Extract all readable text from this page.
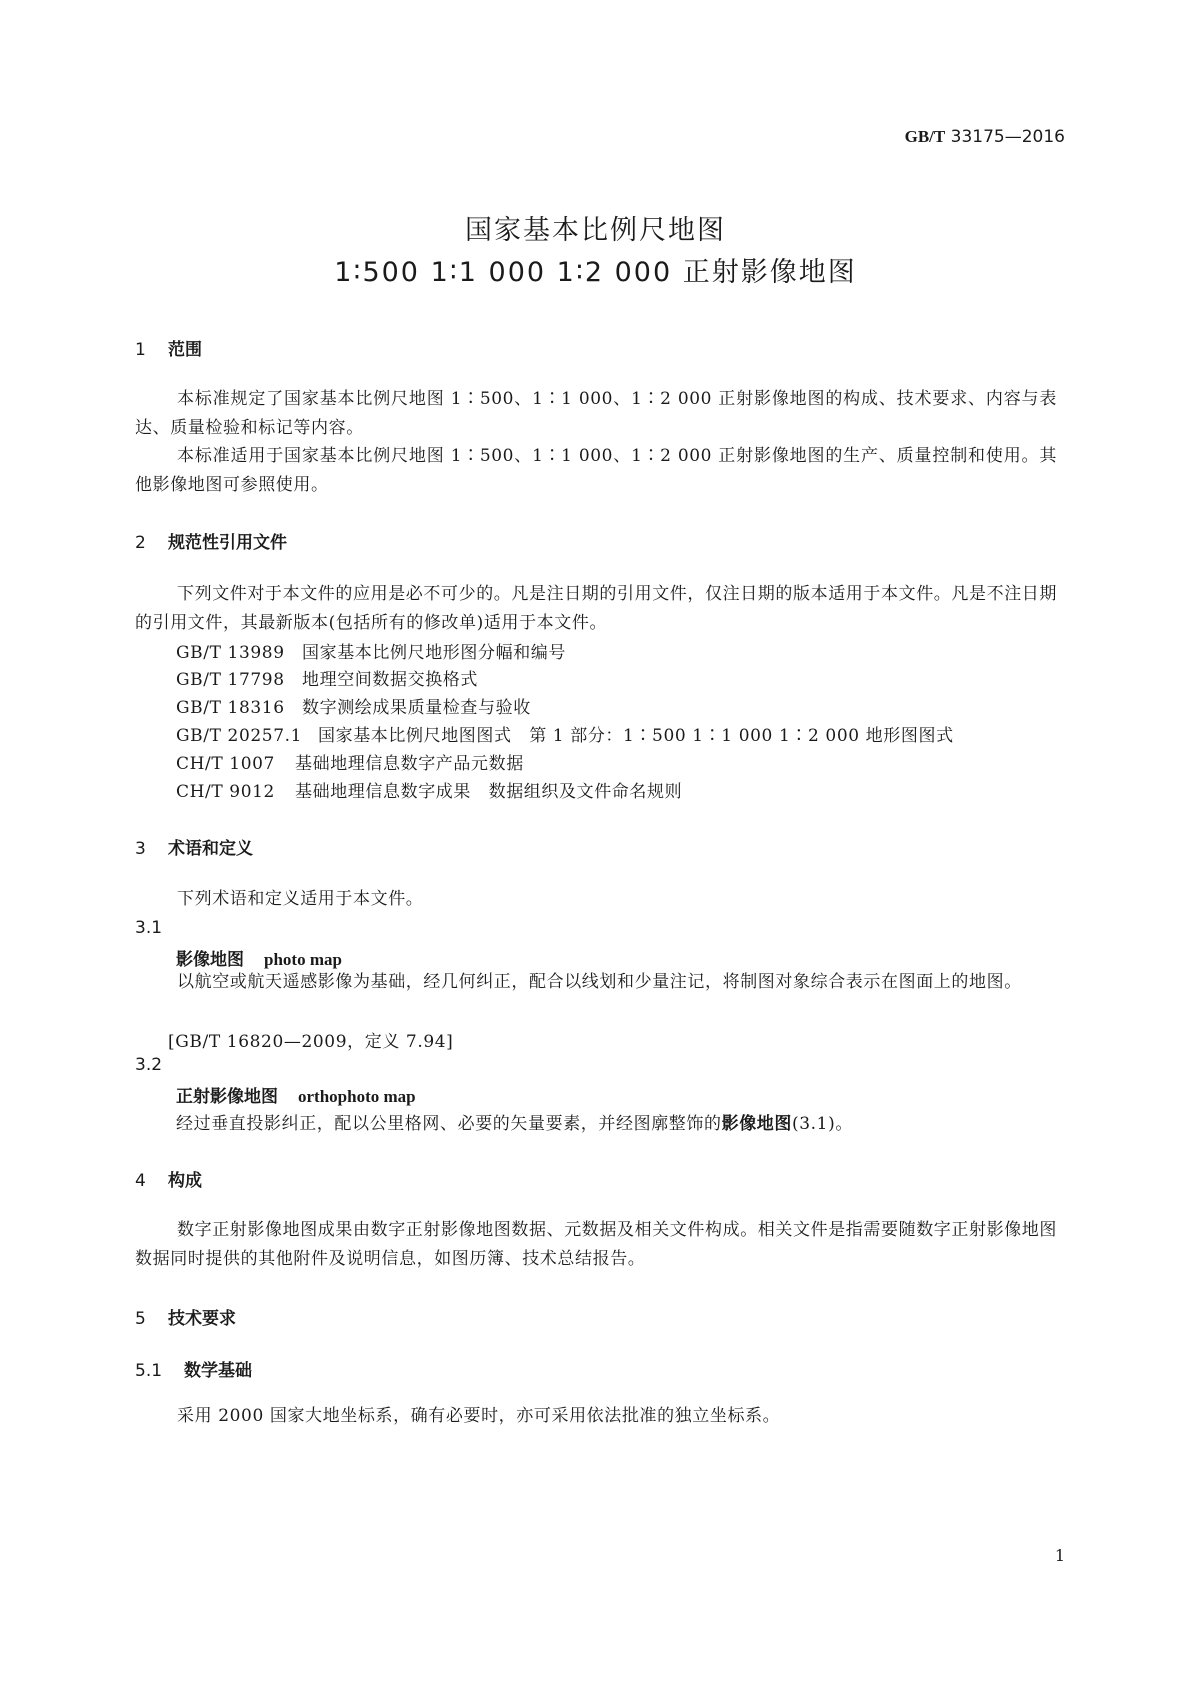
GB/T 33175—2016
国家基本比例尺地图
1∶500 1∶1 000 1∶2 000 正射影像地图
1 范围
本标准规定了国家基本比例尺地图 1∶500、1∶1 000、1∶2 000 正射影像地图的构成、技术要求、内容与表达、质量检验和标记等内容。
本标准适用于国家基本比例尺地图 1∶500、1∶1 000、1∶2 000 正射影像地图的生产、质量控制和使用。其他影像地图可参照使用。
2 规范性引用文件
下列文件对于本文件的应用是必不可少的。凡是注日期的引用文件，仅注日期的版本适用于本文件。凡是不注日期的引用文件，其最新版本(包括所有的修改单)适用于本文件。
GB/T 13989 国家基本比例尺地形图分幅和编号
GB/T 17798 地理空间数据交换格式
GB/T 18316 数字测绘成果质量检查与验收
GB/T 20257.1 国家基本比例尺地图图式　第 1 部分：1∶500 1∶1 000 1∶2 000 地形图图式
CH/T 1007 基础地理信息数字产品元数据
CH/T 9012 基础地理信息数字成果　数据组织及文件命名规则
3 术语和定义
下列术语和定义适用于本文件。
3.1
影像地图 photo map
以航空或航天遥感影像为基础，经几何纠正，配合以线划和少量注记，将制图对象综合表示在图面上的地图。
[GB/T 16820—2009，定义 7.94]
3.2
正射影像地图 orthophoto map
经过垂直投影纠正，配以公里格网、必要的矢量要素，并经图廓整饰的影像地图(3.1)。
4 构成
数字正射影像地图成果由数字正射影像地图数据、元数据及相关文件构成。相关文件是指需要随数字正射影像地图数据同时提供的其他附件及说明信息，如图历簿、技术总结报告。
5 技术要求
5.1 数学基础
采用 2000 国家大地坐标系，确有必要时，亦可采用依法批准的独立坐标系。
1
